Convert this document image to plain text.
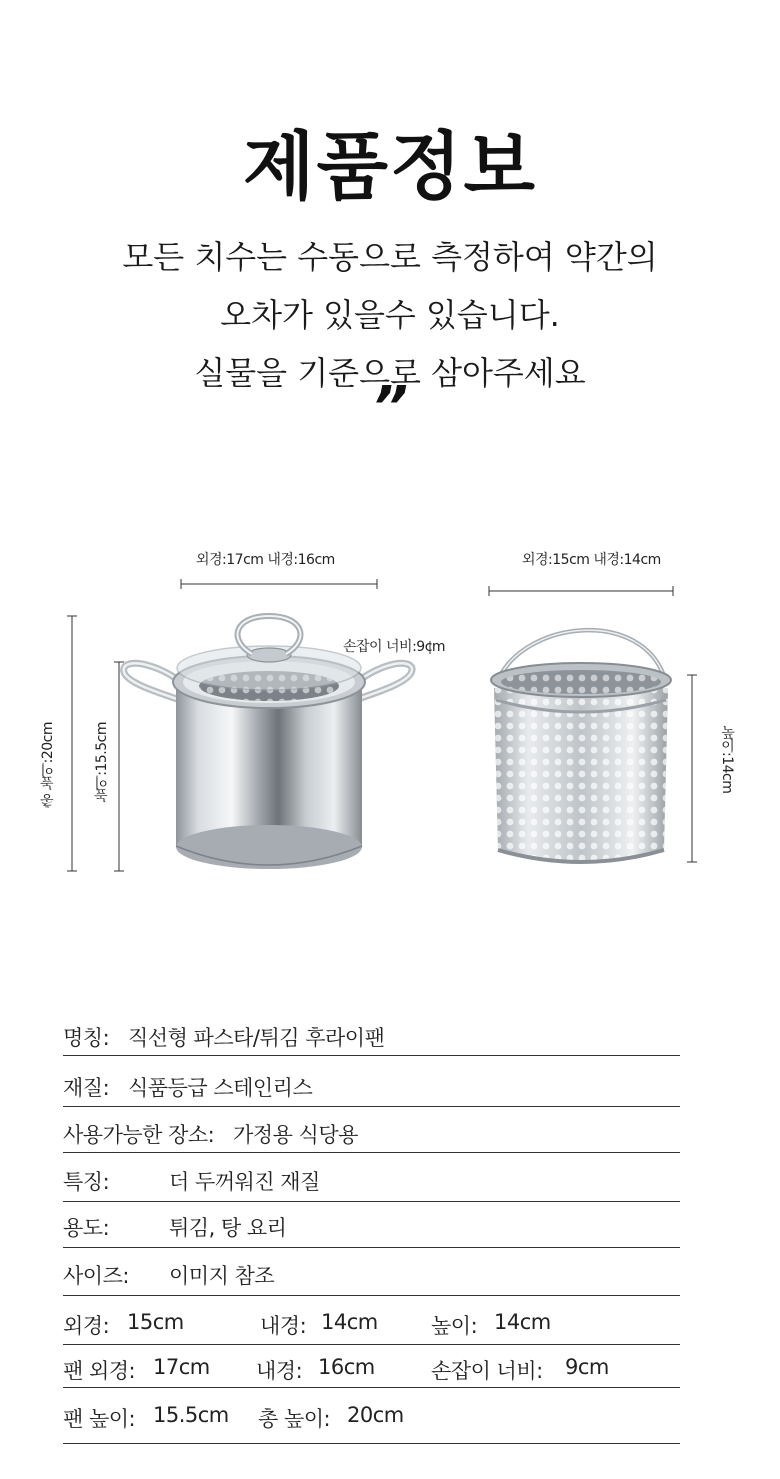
제품정보
모든 치수는 수동으로 측정하여 약간의
오차가 있을수 있습니다.
실물을 기준으로 삼아주세요
”
외경:17cm 내경:16cm	외경:15cm 내경:14cm
손잡이 너비:9cm
총 높이:20cm	높이:15.5cm	높이:14cm
명칭: 직선형 파스타/튀김 후라이팬
재질: 식품등급 스테인리스
사용가능한 장소: 가정용 식당용
특징:	더 두꺼워진 재질
용도:	튀김, 탕 요리
사이즈: 이미지 참조
외경: 15cm	내경: 14cm	높이: 14cm
팬 외경: 17cm 내경: 16cm	손잡이 너비: 9cm
팬 높이: 15.5cm 총 높이: 20cm
